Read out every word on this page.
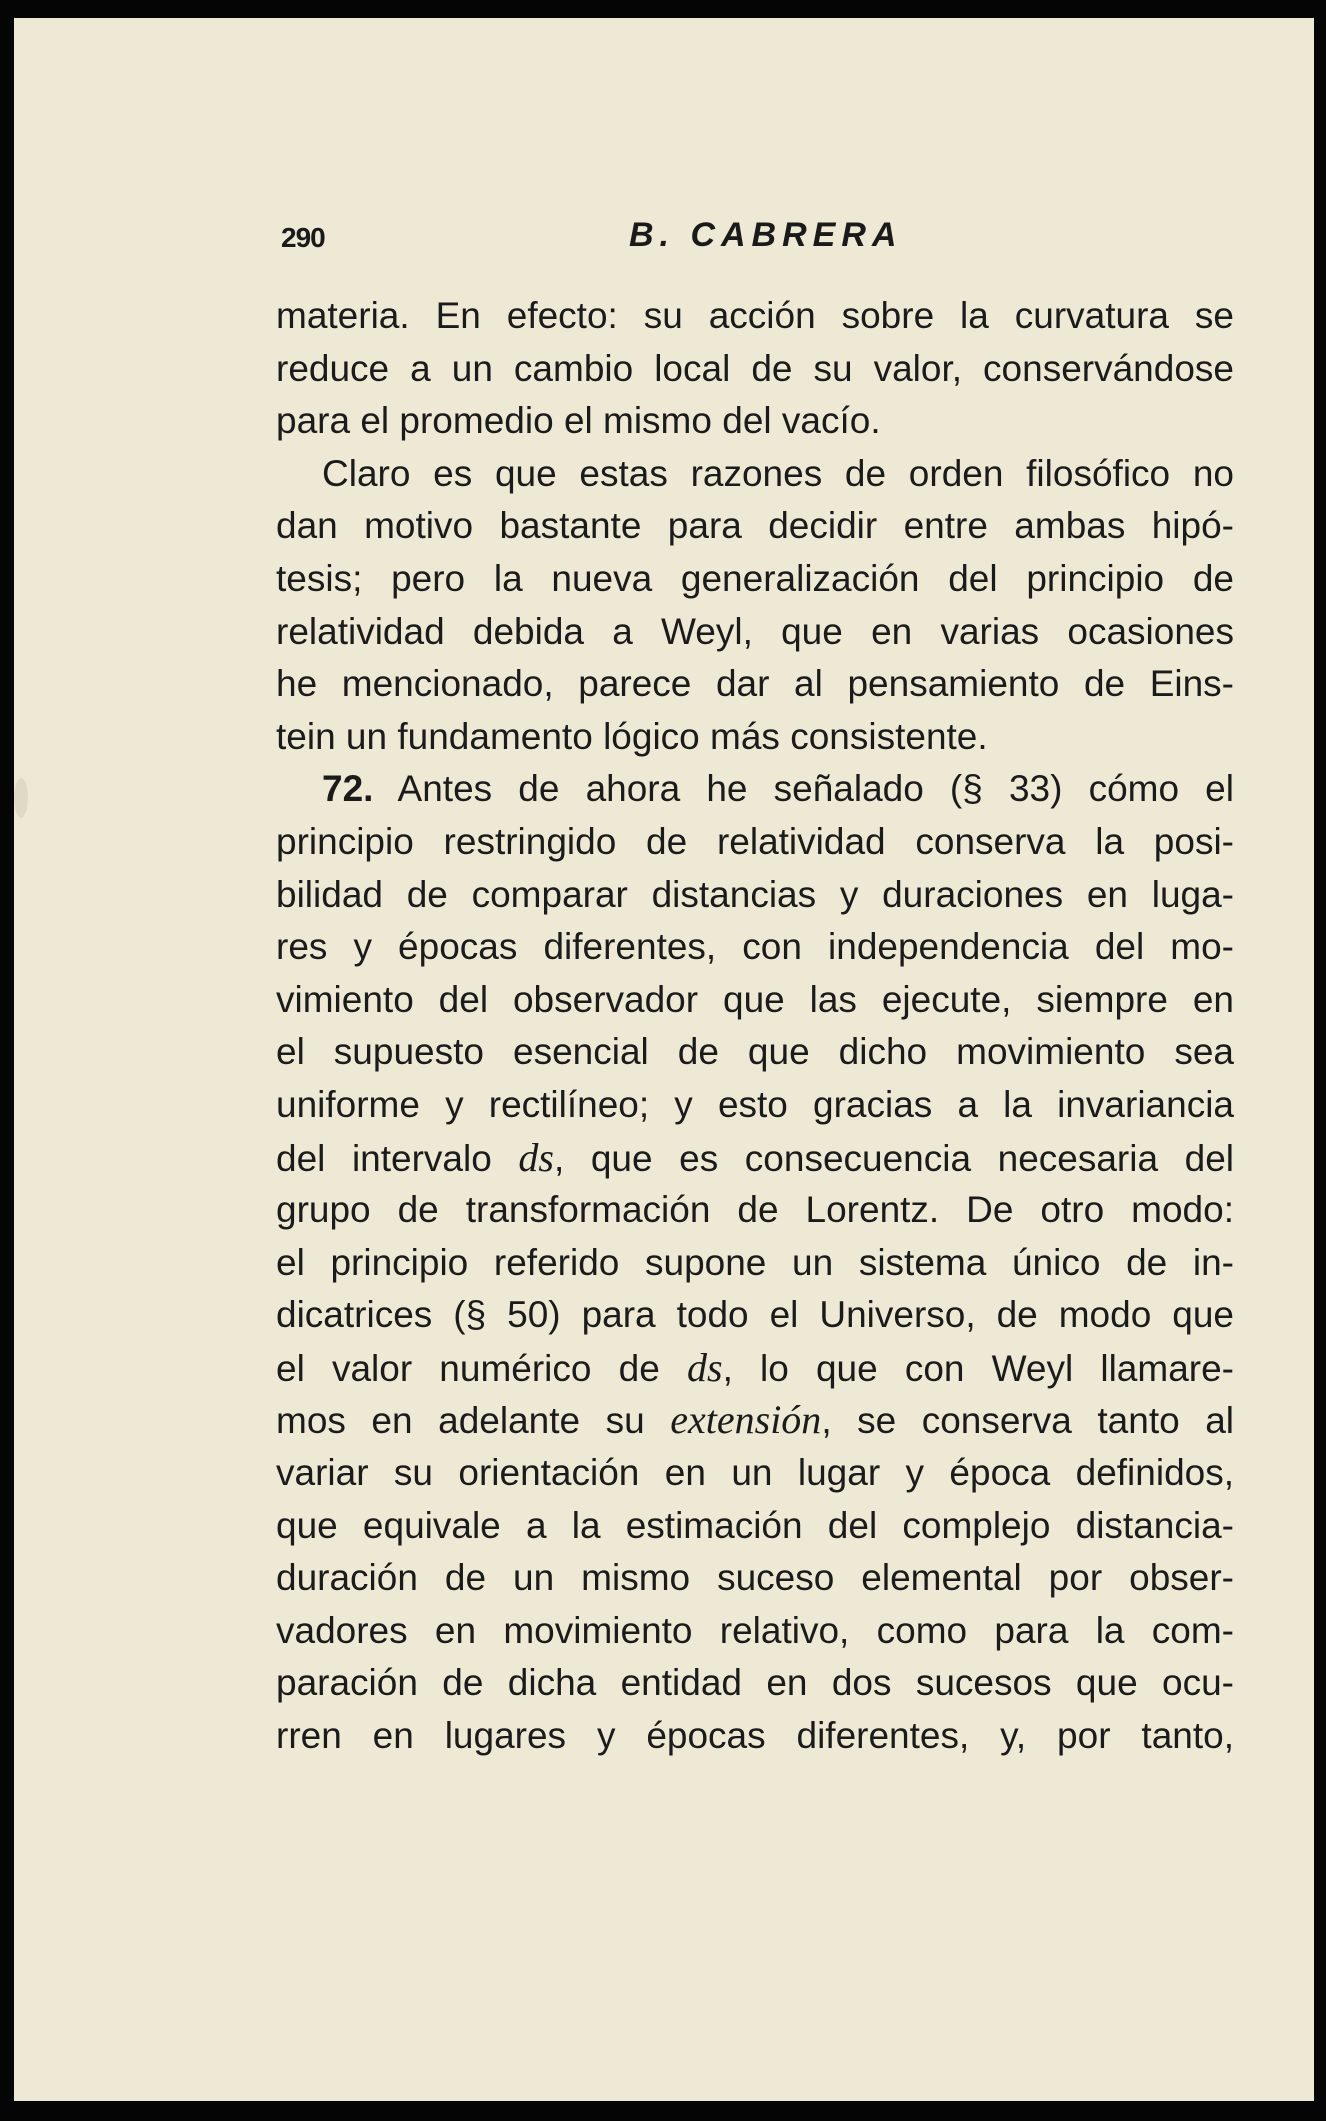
290	B. CABRERA
materia. En efecto: su acción sobre la curvatura se
reduce a un cambio local de su valor, conservándose
para el promedio el mismo del vacío.
Claro es que estas razones de orden filosófico no
dan motivo bastante para decidir entre ambas hipó-
tesis; pero la nueva generalización del principio de
relatividad debida a Weyl, que en varias ocasiones
he mencionado, parece dar al pensamiento de Eins-
tein un fundamento lógico más consistente.
72. Antes de ahora he señalado (§ 33) cómo el
principio restringido de relatividad conserva la posi-
bilidad de comparar distancias y duraciones en luga-
res y épocas diferentes, con independencia del mo-
vimiento del observador que las ejecute, siempre en
el supuesto esencial de que dicho movimiento sea
uniforme y rectilíneo; y esto gracias a la invariancia
del intervalo ds, que es consecuencia necesaria del
grupo de transformación de Lorentz. De otro modo:
el principio referido supone un sistema único de in-
dicatrices (§ 50) para todo el Universo, de modo que
el valor numérico de ds, lo que con Weyl llamare-
mos en adelante su extensión, se conserva tanto al
variar su orientación en un lugar y época definidos,
que equivale a la estimación del complejo distancia-
duración de un mismo suceso elemental por obser-
vadores en movimiento relativo, como para la com-
paración de dicha entidad en dos sucesos que ocu-
rren en lugares y épocas diferentes, y, por tanto,
